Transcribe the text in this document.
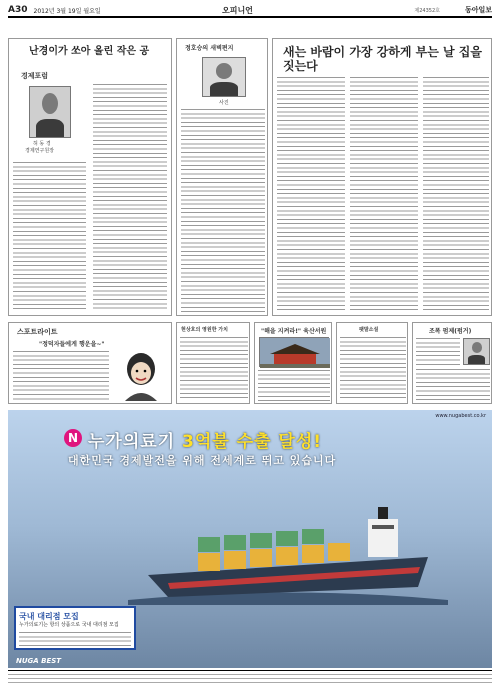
A30 2012년 3월 19일 월요일	오피니언	제24352호	동아일보
난경이가 쏘아 올린 작은 공
경제포럼
허 동 경
경제연구원장
스포트라이트
"정덕자들에게 행운을~"
정호승의 새벽편지
사진
새는 바람이 가장 강하게 부는 날 집을 짓는다
현상호의 영원한 가치	"해을 지켜라!" 육산서원	팻말소설	조폭 펌제(펌거)
www.nugabest.co.kr
N 누가의료기 3억불 수출 달성!
대한민국 경제발전을 위해 전세계로 뛰고 있습니다
국내 대리점 모집
누가의료기는 항의 상품으로 국내 대리점 모집
NUGA BEST
